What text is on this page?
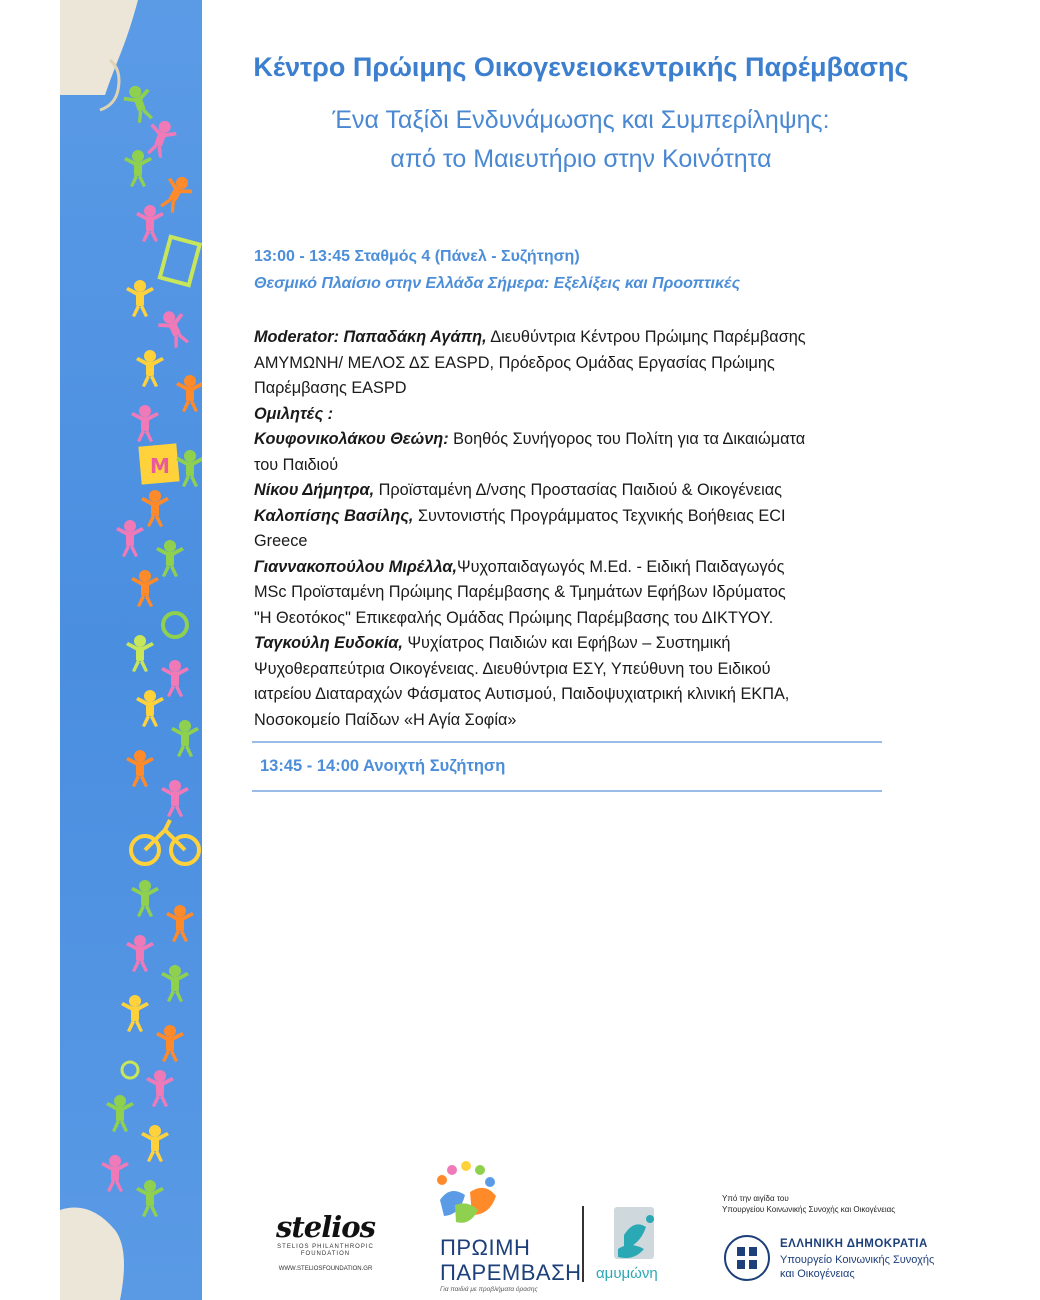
M
Κέντρο Πρώιμης Οικογενειοκεντρικής Παρέμβασης
Ένα Ταξίδι Ενδυνάμωσης και Συμπερίληψης:
από το Μαιευτήριο στην Κοινότητα
13:00 - 13:45 Σταθμός 4 (Πάνελ - Συζήτηση)
Θεσμικό Πλαίσιο στην Ελλάδα Σήμερα: Εξελίξεις και Προοπτικές

Moderator: Παπαδάκη Αγάπη, Διευθύντρια Κέντρου Πρώιμης Παρέμβασης

ΑΜΥΜΩΝΗ/ ΜΕΛΟΣ ΔΣ EASPD, Πρόεδρος Ομάδας Εργασίας Πρώιμης

Παρέμβασης EASPD

Ομιλητές :

Κουφονικολάκου Θεώνη: Βοηθός Συνήγορος του Πολίτη για τα Δικαιώματα

του Παιδιού

Νίκου Δήμητρα, Προϊσταμένη Δ/νσης Προστασίας Παιδιού & Οικογένειας

Καλοπίσης Βασίλης, Συντονιστής Προγράμματος Τεχνικής Βοήθειας ECI

Greece

Γιαννακοπούλου Μιρέλλα,Ψυχοπαιδαγωγός M.Ed. - Ειδική Παιδαγωγός

MSc Προϊσταμένη Πρώιμης Παρέμβασης & Τμημάτων Εφήβων Ιδρύματος

"Η Θεοτόκος" Επικεφαλής Ομάδας Πρώιμης Παρέμβασης του ΔΙΚΤΥΟΥ.

Ταγκούλη Ευδοκία, Ψυχίατρος Παιδιών και Εφήβων – Συστημική

Ψυχοθεραπεύτρια Οικογένειας. Διευθύντρια ΕΣΥ, Υπεύθυνη του Ειδικού

ιατρείου Διαταραχών Φάσματος Αυτισμού, Παιδοψυχιατρική κλινική ΕΚΠΑ,

Νοσοκομείο Παίδων «Η Αγία Σοφία»

13:45 - 14:00 Ανοιχτή Συζήτηση
stelios
STELIOS PHILANTHROPIC FOUNDATION
WWW.STELIOSFOUNDATION.GR
ΠΡΩΙΜΗ
ΠΑΡΕΜΒΑΣΗ
Για παιδιά με προβλήματα όρασης
αμυμώνη
Υπό την αιγίδα του
Υπουργείου Κοινωνικής Συνοχής και Οικογένειας
ΕΛΛΗΝΙΚΗ ΔΗΜΟΚΡΑΤΙΑ
Υπουργείο Κοινωνικής Συνοχής
και Οικογένειας
